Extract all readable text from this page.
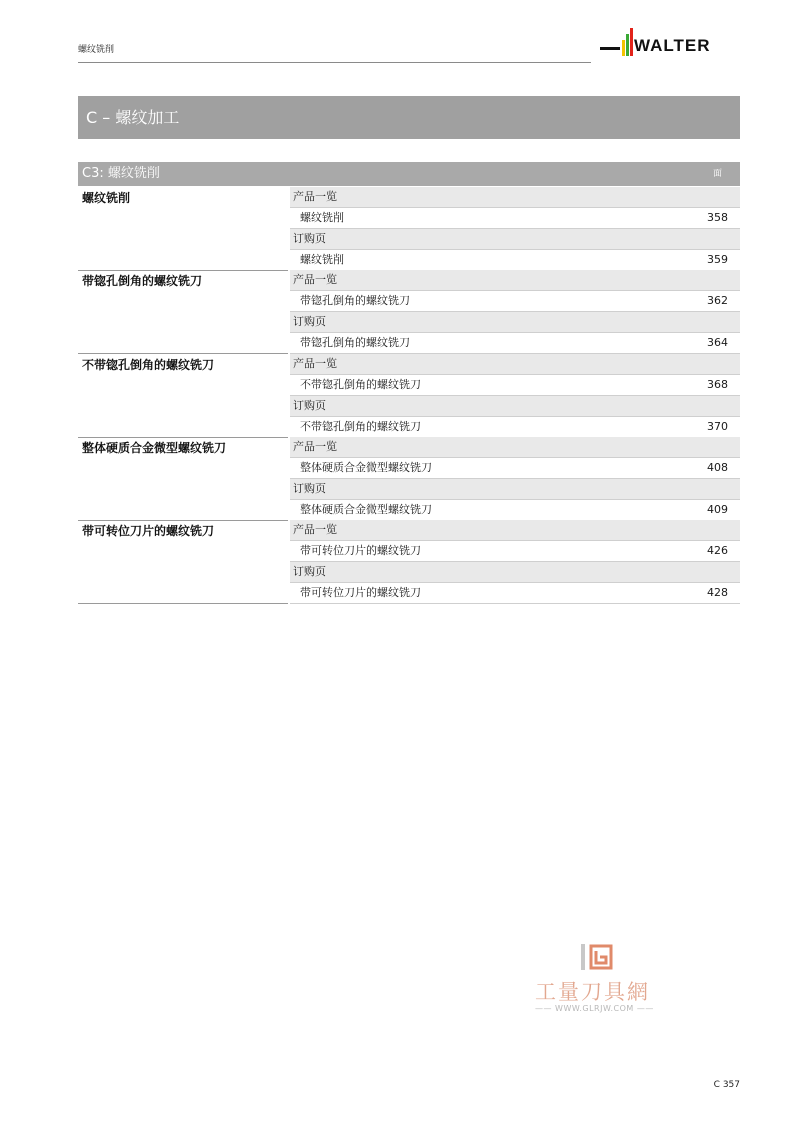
螺纹铣削	WALTER
C – 螺纹加工
C3: 螺纹铣削	面
螺纹铣削	产品一览
螺纹铣削	358
订购页
螺纹铣削	359
带锪孔倒角的螺纹铣刀	产品一览
带锪孔倒角的螺纹铣刀	362
订购页
带锪孔倒角的螺纹铣刀	364
不带锪孔倒角的螺纹铣刀	产品一览
不带锪孔倒角的螺纹铣刀	368
订购页
不带锪孔倒角的螺纹铣刀	370
整体硬质合金微型螺纹铣刀	产品一览
整体硬质合金微型螺纹铣刀	408
订购页
整体硬质合金微型螺纹铣刀	409
带可转位刀片的螺纹铣刀	产品一览
带可转位刀片的螺纹铣刀	426
订购页
带可转位刀片的螺纹铣刀	428
工量刀具網
—— WWW.GLRJW.COM ——
C 357
